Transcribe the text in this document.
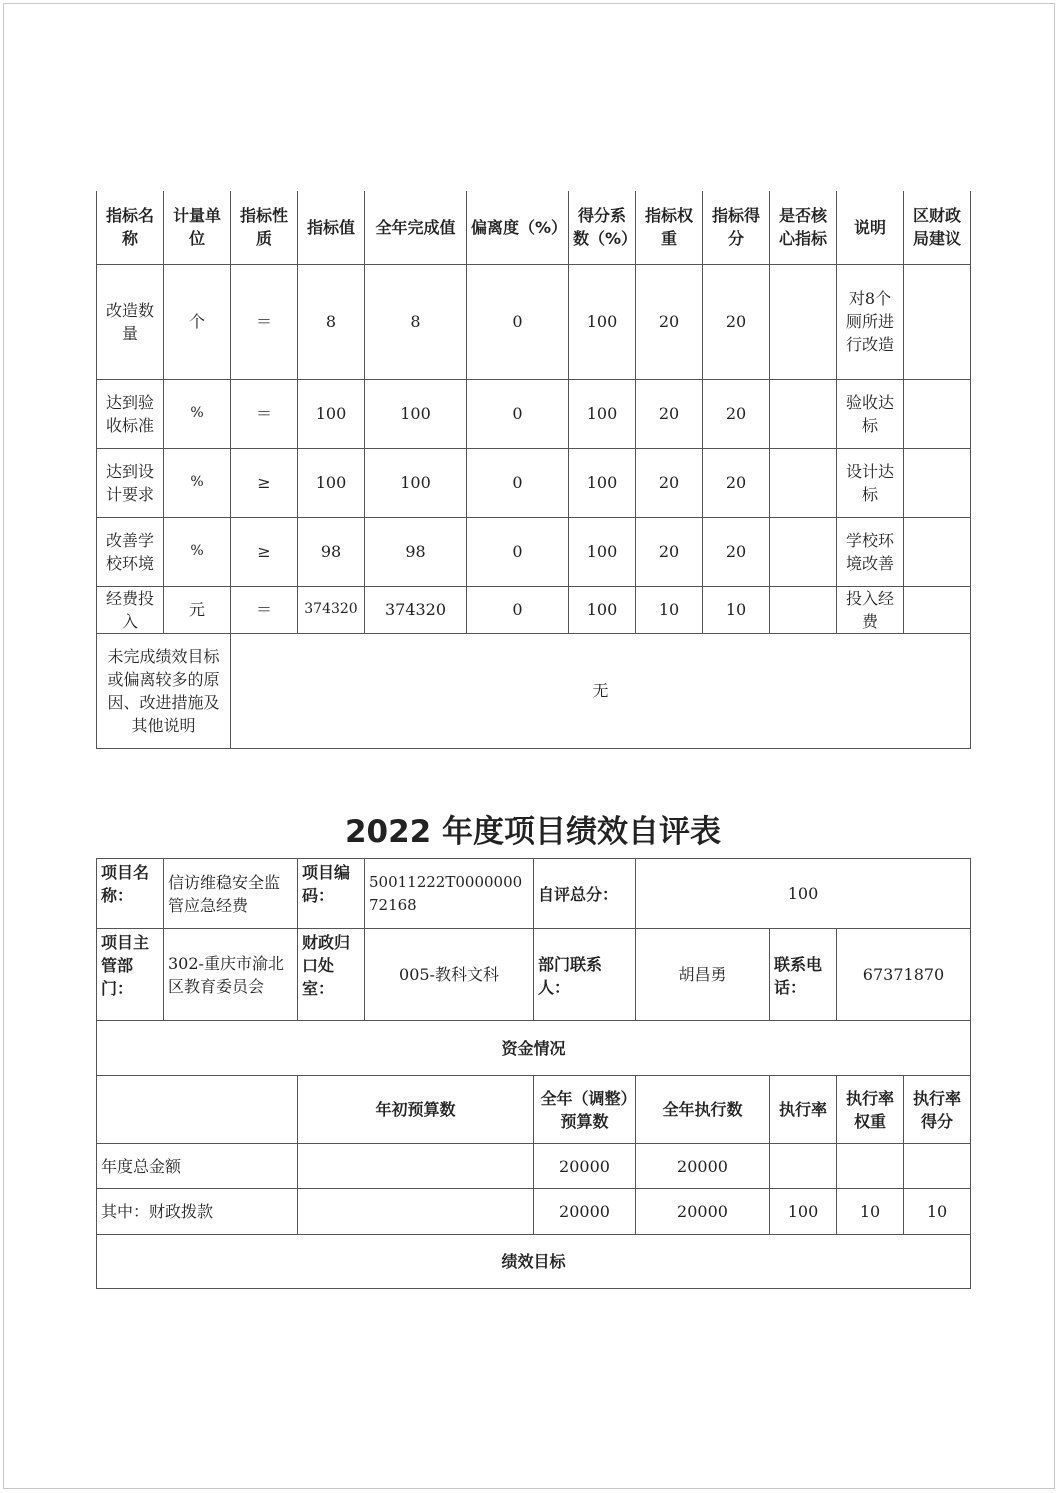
指标名称	计量单位	指标性质	指标值	全年完成值	偏离度（%）	得分系数（%）	指标权重	指标得分	是否核心指标	说明	区财政局建议
改造数量	个	＝	8	8	0	100	20	20		对8个厕所进行改造	
达到验收标准	%	＝	100	100	0	100	20	20		验收达标	
达到设计要求	%	≥	100	100	0	100	20	20		设计达标	
改善学校环境	%	≥	98	98	0	100	20	20		学校环境改善	
经费投入	元	＝	374320	374320	0	100	10	10		投入经费	
未完成绩效目标或偏离较多的原因、改进措施及其他说明		无									
2022 年度项目绩效自评表
项目名称：	信访维稳安全监管应急经费	项目编码：	50011222T000000072168	自评总分：	100			
项目主管部门：	302-重庆市渝北区教育委员会	财政归口处室：	005-教科文科	部门联系人：	胡昌勇	联系电话：	67371870	
资金情况								
		年初预算数		全年（调整）预算数	全年执行数	执行率	执行率权重	执行率得分
年度总金额				20000	20000			
其中：财政拨款				20000	20000	100	10	10
绩效目标								
